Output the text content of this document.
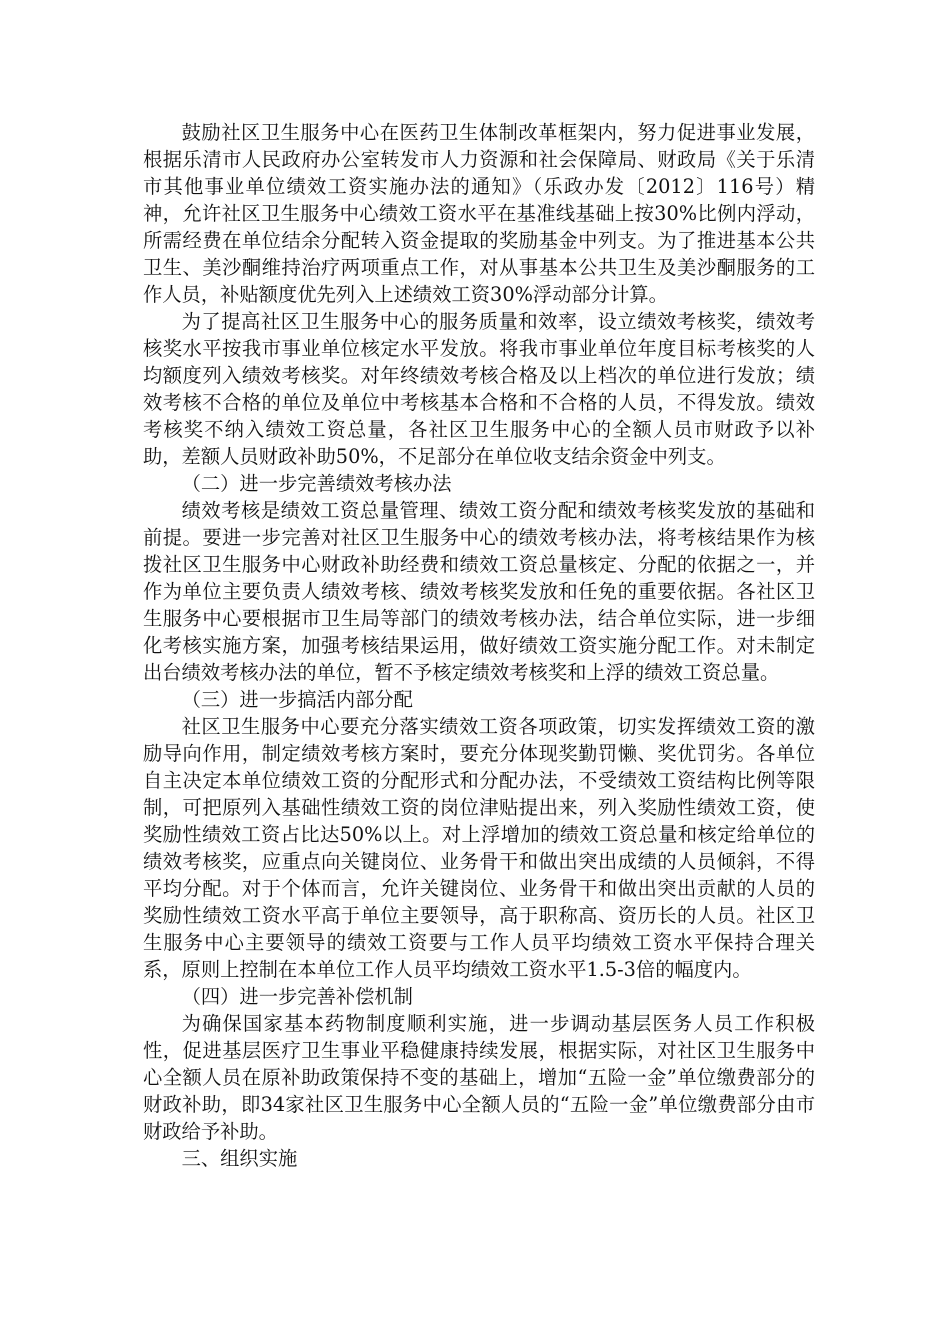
鼓励社区卫生服务中心在医药卫生体制改革框架内，努力促进事业发展，根据乐清市人民政府办公室转发市人力资源和社会保障局、财政局《关于乐清市其他事业单位绩效工资实施办法的通知》（乐政办发〔2012〕116号）精神，允许社区卫生服务中心绩效工资水平在基准线基础上按30%比例内浮动，所需经费在单位结余分配转入资金提取的奖励基金中列支。为了推进基本公共卫生、美沙酮维持治疗两项重点工作，对从事基本公共卫生及美沙酮服务的工作人员，补贴额度优先列入上述绩效工资30%浮动部分计算。

为了提高社区卫生服务中心的服务质量和效率，设立绩效考核奖，绩效考核奖水平按我市事业单位核定水平发放。将我市事业单位年度目标考核奖的人均额度列入绩效考核奖。对年终绩效考核合格及以上档次的单位进行发放；绩效考核不合格的单位及单位中考核基本合格和不合格的人员，不得发放。绩效考核奖不纳入绩效工资总量，各社区卫生服务中心的全额人员市财政予以补助，差额人员财政补助50%，不足部分在单位收支结余资金中列支。

（二）进一步完善绩效考核办法

绩效考核是绩效工资总量管理、绩效工资分配和绩效考核奖发放的基础和前提。要进一步完善对社区卫生服务中心的绩效考核办法，将考核结果作为核拨社区卫生服务中心财政补助经费和绩效工资总量核定、分配的依据之一，并作为单位主要负责人绩效考核、绩效考核奖发放和任免的重要依据。各社区卫生服务中心要根据市卫生局等部门的绩效考核办法，结合单位实际，进一步细化考核实施方案，加强考核结果运用，做好绩效工资实施分配工作。对未制定出台绩效考核办法的单位，暂不予核定绩效考核奖和上浮的绩效工资总量。

（三）进一步搞活内部分配

社区卫生服务中心要充分落实绩效工资各项政策，切实发挥绩效工资的激励导向作用，制定绩效考核方案时，要充分体现奖勤罚懒、奖优罚劣。各单位自主决定本单位绩效工资的分配形式和分配办法，不受绩效工资结构比例等限制，可把原列入基础性绩效工资的岗位津贴提出来，列入奖励性绩效工资，使奖励性绩效工资占比达50%以上。对上浮增加的绩效工资总量和核定给单位的绩效考核奖，应重点向关键岗位、业务骨干和做出突出成绩的人员倾斜，不得平均分配。对于个体而言，允许关键岗位、业务骨干和做出突出贡献的人员的奖励性绩效工资水平高于单位主要领导，高于职称高、资历长的人员。社区卫生服务中心主要领导的绩效工资要与工作人员平均绩效工资水平保持合理关系，原则上控制在本单位工作人员平均绩效工资水平1.5-3倍的幅度内。

（四）进一步完善补偿机制

为确保国家基本药物制度顺利实施，进一步调动基层医务人员工作积极性，促进基层医疗卫生事业平稳健康持续发展，根据实际，对社区卫生服务中心全额人员在原补助政策保持不变的基础上，增加“五险一金”单位缴费部分的财政补助，即34家社区卫生服务中心全额人员的“五险一金”单位缴费部分由市财政给予补助。

三、组织实施
